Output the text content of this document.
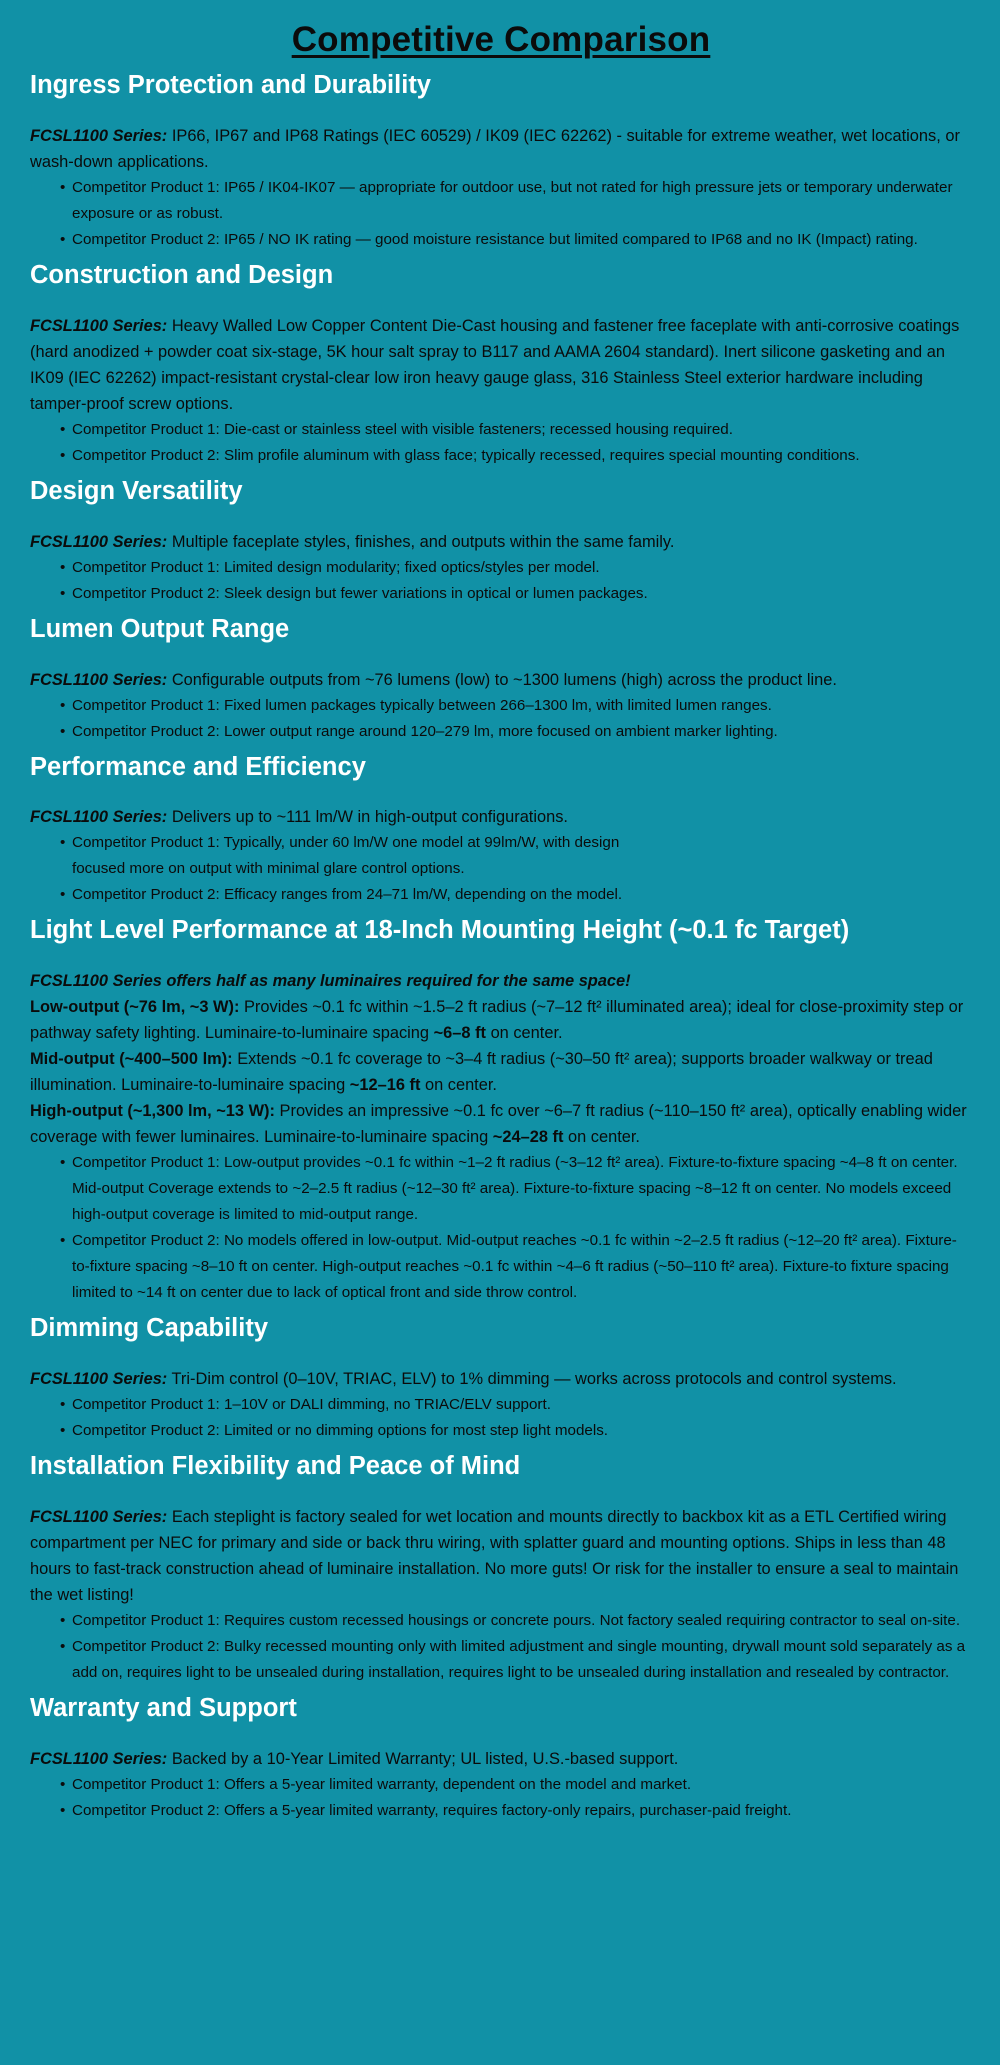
Competitive Comparison
Ingress Protection and Durability

FCSL1100 Series: IP66, IP67 and IP68 Ratings (IEC 60529) / IK09 (IEC 62262) - suitable for extreme weather, wet locations, or wash-down applications.

• Competitor Product 1: IP65 / IK04-IK07 — appropriate for outdoor use, but not rated for high pressure jets or temporary underwater exposure or as robust.
• Competitor Product 2: IP65 / NO IK rating — good moisture resistance but limited compared to IP68 and no IK (Impact) rating.
Construction and Design

FCSL1100 Series: Heavy Walled Low Copper Content Die-Cast housing and fastener free faceplate with anti-corrosive coatings (hard anodized + powder coat six-stage, 5K hour salt spray to B117 and AAMA 2604 standard). Inert silicone gasketing and an IK09 (IEC 62262) impact-resistant crystal-clear low iron heavy gauge glass, 316 Stainless Steel exterior hardware including tamper-proof screw options.

• Competitor Product 1: Die-cast or stainless steel with visible fasteners; recessed housing required.
• Competitor Product 2: Slim profile aluminum with glass face; typically recessed, requires special mounting conditions.
Design Versatility

FCSL1100 Series: Multiple faceplate styles, finishes, and outputs within the same family.

• Competitor Product 1: Limited design modularity; fixed optics/styles per model.
• Competitor Product 2: Sleek design but fewer variations in optical or lumen packages.
Lumen Output Range

FCSL1100 Series: Configurable outputs from ~76 lumens (low) to ~1300 lumens (high) across the product line.

• Competitor Product 1: Fixed lumen packages typically between 266–1300 lm, with limited lumen ranges.
• Competitor Product 2: Lower output range around 120–279 lm, more focused on ambient marker lighting.
Performance and Efficiency

FCSL1100 Series: Delivers up to ~111 lm/W in high-output configurations.

• Competitor Product 1: Typically, under 60 lm/W one model at 99lm/W, with design focused more on output with minimal glare control options.
• Competitor Product 2: Efficacy ranges from 24–71 lm/W, depending on the model.
Light Level Performance at 18-Inch Mounting Height (~0.1 fc Target)

FCSL1100 Series offers half as many luminaires required for the same space!

Low-output (~76 lm, ~3 W): Provides ~0.1 fc within ~1.5–2 ft radius (~7–12 ft² illuminated area); ideal for close-proximity step or pathway safety lighting. Luminaire-to-luminaire spacing ~6–8 ft on center.

Mid-output (~400–500 lm): Extends ~0.1 fc coverage to ~3–4 ft radius (~30–50 ft² area); supports broader walkway or tread illumination. Luminaire-to-luminaire spacing ~12–16 ft on center.

High-output (~1,300 lm, ~13 W): Provides an impressive ~0.1 fc over ~6–7 ft radius (~110–150 ft² area), optically enabling wider coverage with fewer luminaires. Luminaire-to-luminaire spacing ~24–28 ft on center.

• Competitor Product 1: Low-output provides ~0.1 fc within ~1–2 ft radius (~3–12 ft² area). Fixture-to-fixture spacing ~4–8 ft on center. Mid-output Coverage extends to ~2–2.5 ft radius (~12–30 ft² area). Fixture-to-fixture spacing ~8–12 ft on center. No models exceed high-output coverage is limited to mid-output range.
• Competitor Product 2: No models offered in low-output. Mid-output reaches ~0.1 fc within ~2–2.5 ft radius (~12–20 ft² area). Fixture-to-fixture spacing ~8–10 ft on center. High-output reaches ~0.1 fc within ~4–6 ft radius (~50–110 ft² area). Fixture-to fixture spacing limited to ~14 ft on center due to lack of optical front and side throw control.
Dimming Capability

FCSL1100 Series: Tri-Dim control (0–10V, TRIAC, ELV) to 1% dimming — works across protocols and control systems.

• Competitor Product 1: 1–10V or DALI dimming, no TRIAC/ELV support.
• Competitor Product 2: Limited or no dimming options for most step light models.
Installation Flexibility and Peace of Mind

FCSL1100 Series: Each steplight is factory sealed for wet location and mounts directly to backbox kit as a ETL Certified wiring compartment per NEC for primary and side or back thru wiring, with splatter guard and mounting options. Ships in less than 48 hours to fast-track construction ahead of luminaire installation. No more guts! Or risk for the installer to ensure a seal to maintain the wet listing!

• Competitor Product 1: Requires custom recessed housings or concrete pours. Not factory sealed requiring contractor to seal on-site.
• Competitor Product 2: Bulky recessed mounting only with limited adjustment and single mounting, drywall mount sold separately as a add on, requires light to be unsealed during installation, requires light to be unsealed during installation and resealed by contractor.
Warranty and Support

FCSL1100 Series: Backed by a 10-Year Limited Warranty; UL listed, U.S.-based support.

• Competitor Product 1: Offers a 5-year limited warranty, dependent on the model and market.
• Competitor Product 2: Offers a 5-year limited warranty, requires factory-only repairs, purchaser-paid freight.
